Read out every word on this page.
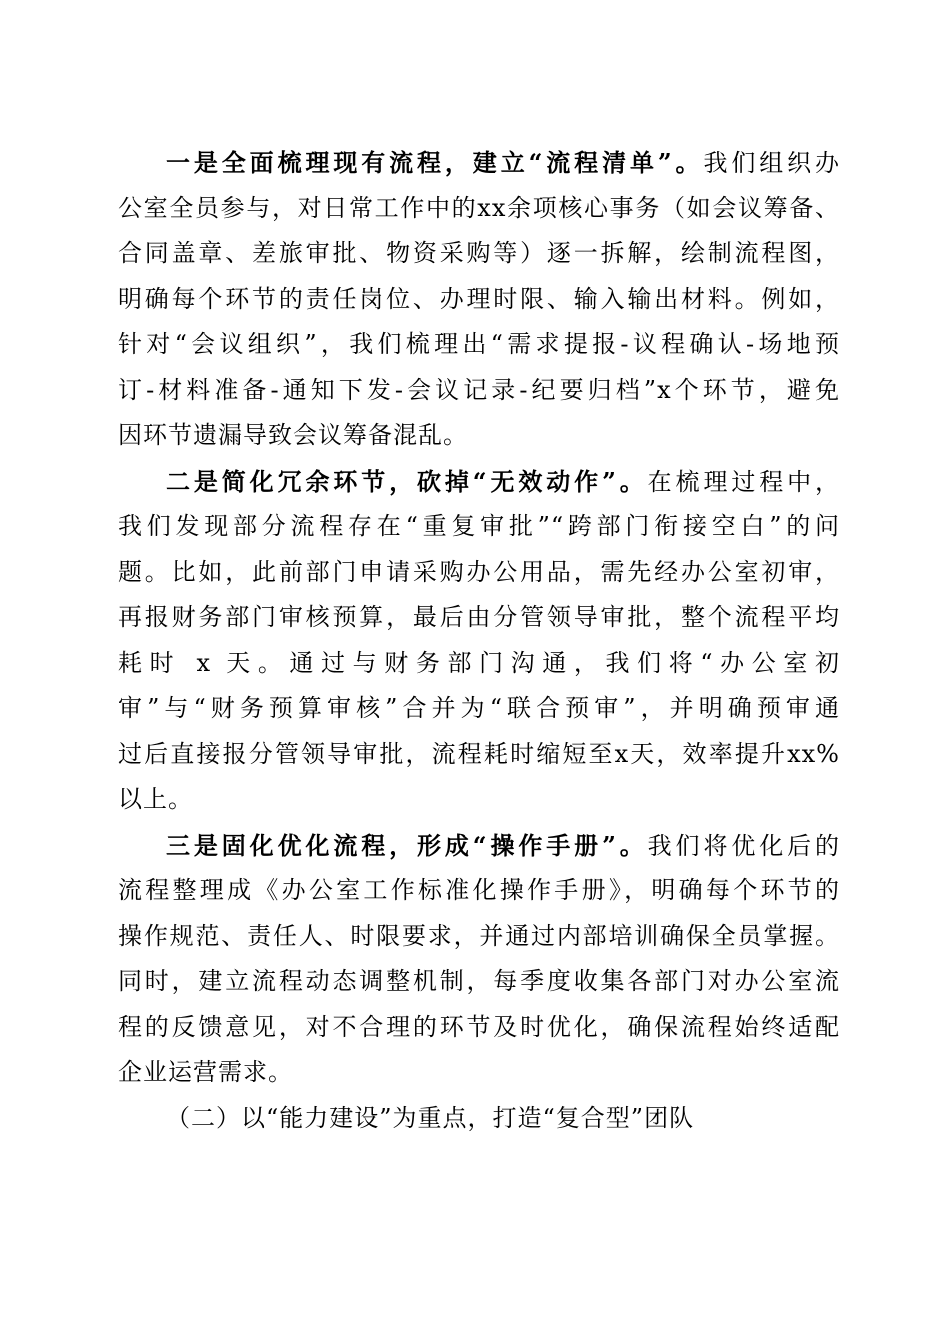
一是全面梳理现有流程，建立“流程清单”。我们组织办
公室全员参与，对日常工作中的xx余项核心事务（如会议筹备、
合同盖章、差旅审批、物资采购等）逐一拆解，绘制流程图，
明确每个环节的责任岗位、办理时限、输入输出材料。例如，
针对“会议组织”，我们梳理出“需求提报-议程确认-场地预
订-材料准备-通知下发-会议记录-纪要归档”x个环节，避免
因环节遗漏导致会议筹备混乱。
二是简化冗余环节，砍掉“无效动作”。在梳理过程中，
我们发现部分流程存在“重复审批”“跨部门衔接空白”的问
题。比如，此前部门申请采购办公用品，需先经办公室初审，
再报财务部门审核预算，最后由分管领导审批，整个流程平均
耗时 x 天。通过与财务部门沟通，我们将“办公室初
审”与“财务预算审核”合并为“联合预审”，并明确预审通
过后直接报分管领导审批，流程耗时缩短至x天，效率提升xx%
以上。
三是固化优化流程，形成“操作手册”。我们将优化后的
流程整理成《办公室工作标准化操作手册》，明确每个环节的
操作规范、责任人、时限要求，并通过内部培训确保全员掌握。
同时，建立流程动态调整机制，每季度收集各部门对办公室流
程的反馈意见，对不合理的环节及时优化，确保流程始终适配
企业运营需求。
（二）以“能力建设”为重点，打造“复合型”团队
